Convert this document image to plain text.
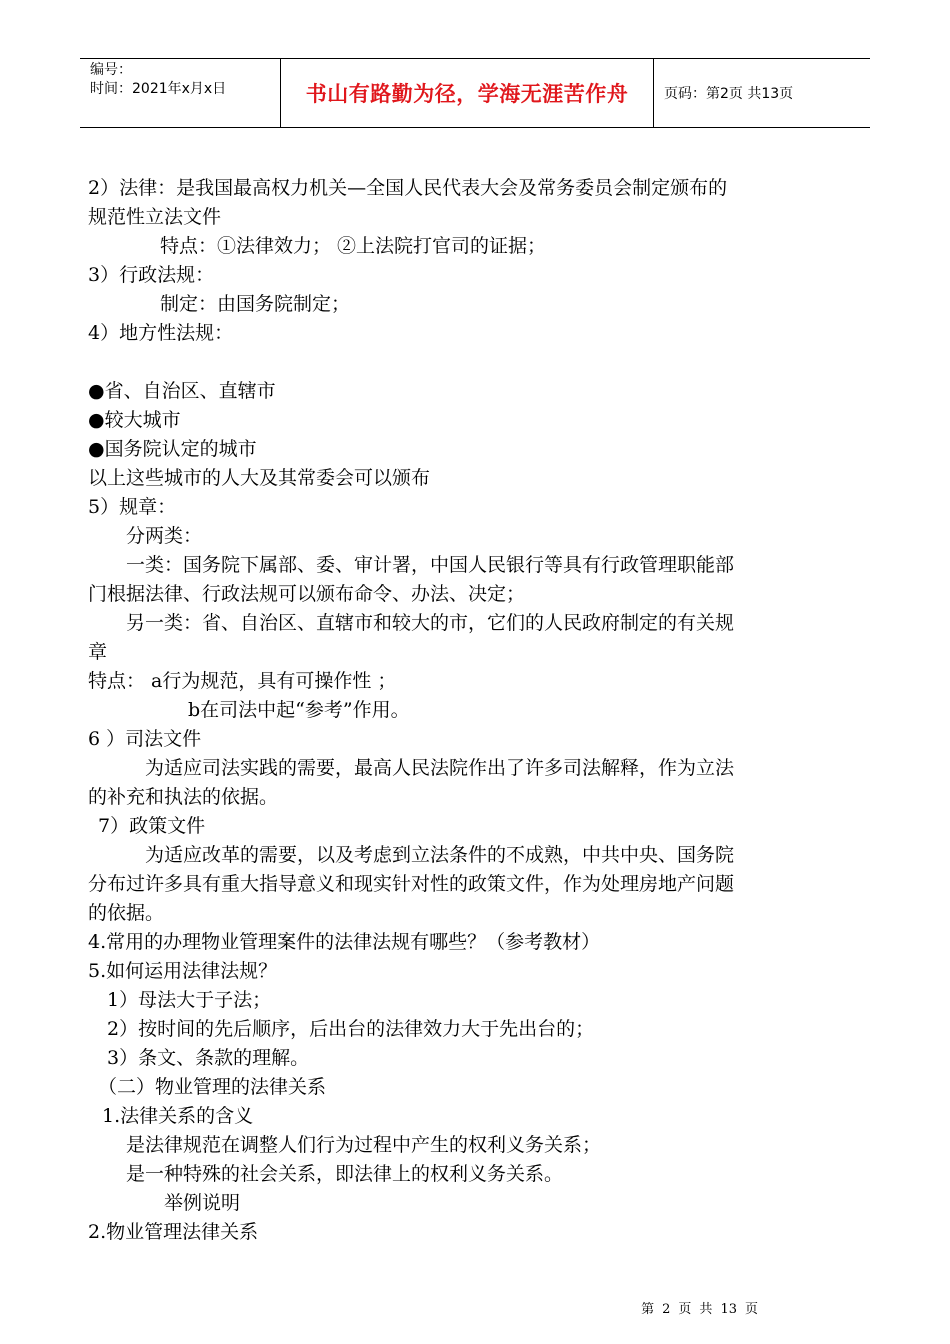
编号：
时间：2021年x月x日	书山有路勤为径，学海无涯苦作舟	页码：第2页 共13页
2）法律：是我国最高权力机关—全国人民代表大会及常务委员会制定颁布的
规范性立法文件
特点：①法律效力； ②上法院打官司的证据；
3）行政法规：
制定：由国务院制定；
4）地方性法规：
●省、自治区、直辖市
●较大城市
●国务院认定的城市
以上这些城市的人大及其常委会可以颁布
5）规章：
分两类：
一类：国务院下属部、委、审计署，中国人民银行等具有行政管理职能部
门根据法律、行政法规可以颁布命令、办法、决定；
另一类：省、自治区、直辖市和较大的市，它们的人民政府制定的有关规
章
特点： a行为规范，具有可操作性 ；
b在司法中起“参考”作用。
6 ）司法文件
为适应司法实践的需要，最高人民法院作出了许多司法解释，作为立法
的补充和执法的依据。
7）政策文件
为适应改革的需要，以及考虑到立法条件的不成熟，中共中央、国务院
分布过许多具有重大指导意义和现实针对性的政策文件，作为处理房地产问题
的依据。
4.常用的办理物业管理案件的法律法规有哪些？（参考教材）
5.如何运用法律法规？
1）母法大于子法；
2）按时间的先后顺序，后出台的法律效力大于先出台的；
3）条文、条款的理解。
（二）物业管理的法律关系
1.法律关系的含义
是法律规范在调整人们行为过程中产生的权利义务关系；
是一种特殊的社会关系，即法律上的权利义务关系。
举例说明
2.物业管理法律关系
第 2 页 共 13 页
